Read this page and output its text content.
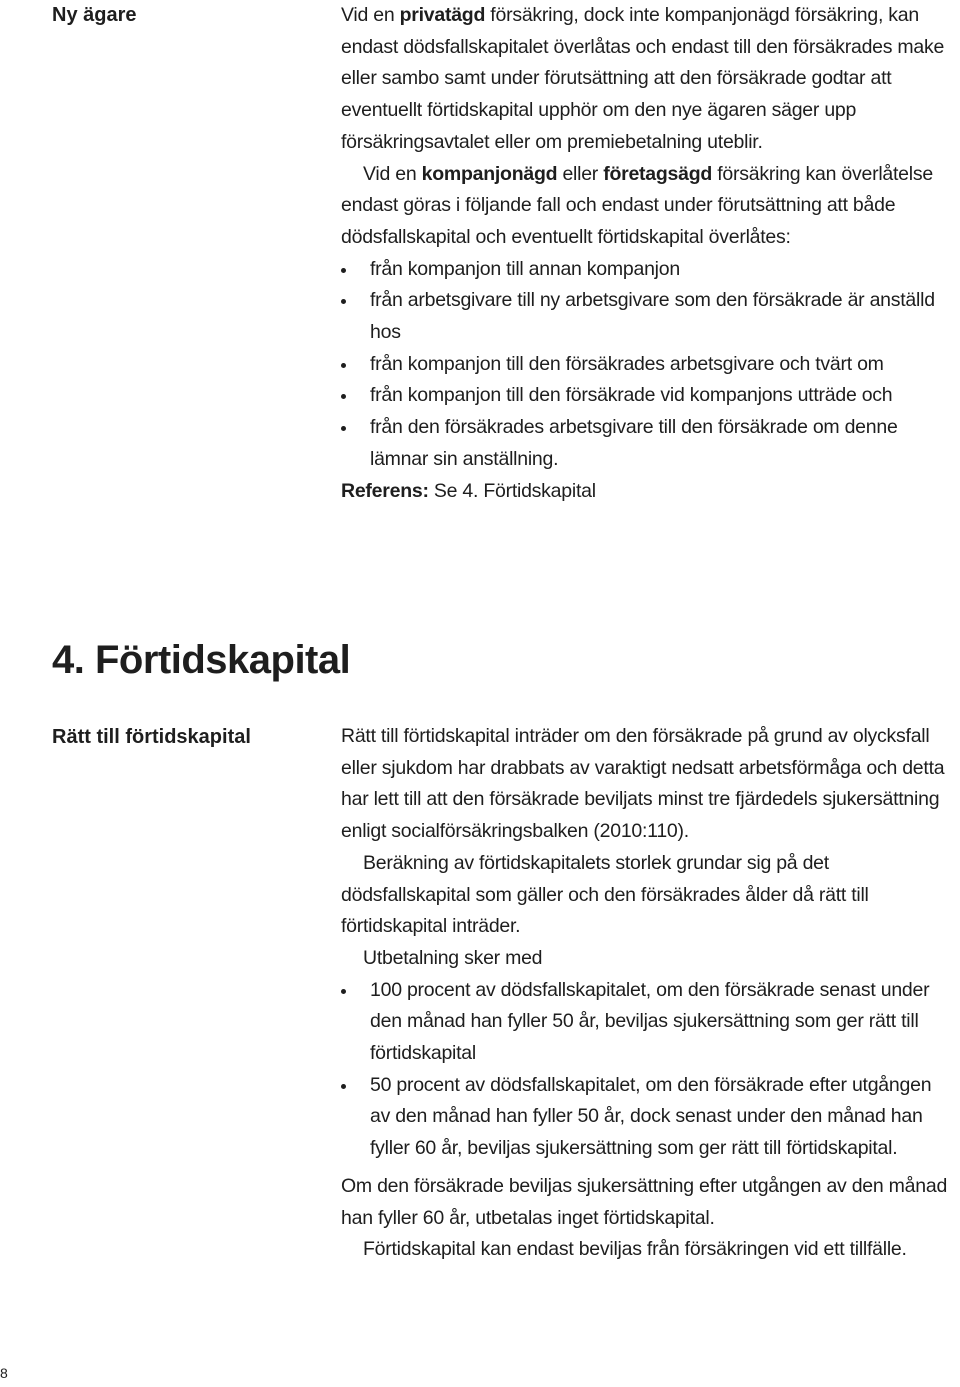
Ny ägare	Vid en privatägd försäkring, dock inte kompanjonägd försäkring, kan endast dödsfallskapitalet överlåtas och endast till den försäkrades make eller sambo samt under förutsättning att den försäkrade godtar att eventuellt förtidskapital upphör om den nye ägaren säger upp försäkringsavtalet eller om premiebetalning uteblir.

Vid en kompanjonägd eller företagsägd försäkring kan överlåtelse endast göras i följande fall och endast under förutsättning att både dödsfallskapital och eventuellt förtidskapital överlåtes:

från kompanjon till annan kompanjon
från arbetsgivare till ny arbetsgivare som den försäkrade är anställd hos
från kompanjon till den försäkrades arbetsgivare och tvärt om
från kompanjon till den försäkrade vid kompanjons utträde och
från den försäkrades arbetsgivare till den försäkrade om denne lämnar sin anställning.

Referens: Se 4. Förtidskapital

4. Förtidskapital
Rätt till förtidskapital	Rätt till förtidskapital inträder om den försäkrade på grund av olycksfall eller sjukdom har drabbats av varaktigt nedsatt arbetsförmåga och detta har lett till att den försäkrade beviljats minst tre fjärdedels sjukersättning enligt socialförsäkringsbalken (2010:110).

Beräkning av förtidskapitalets storlek grundar sig på det dödsfallskapital som gäller och den försäkrades ålder då rätt till förtidskapital inträder.

Utbetalning sker med

100 procent av dödsfallskapitalet, om den försäkrade senast under den månad han fyller 50 år, beviljas sjukersättning som ger rätt till förtidskapital
50 procent av dödsfallskapitalet, om den försäkrade efter utgången av den månad han fyller 50 år, dock senast under den månad han fyller 60 år, beviljas sjukersättning som ger rätt till förtidskapital.

Om den försäkrade beviljas sjukersättning efter utgången av den månad han fyller 60 år, utbetalas inget förtidskapital.

Förtidskapital kan endast beviljas från försäkringen vid ett tillfälle.

8
